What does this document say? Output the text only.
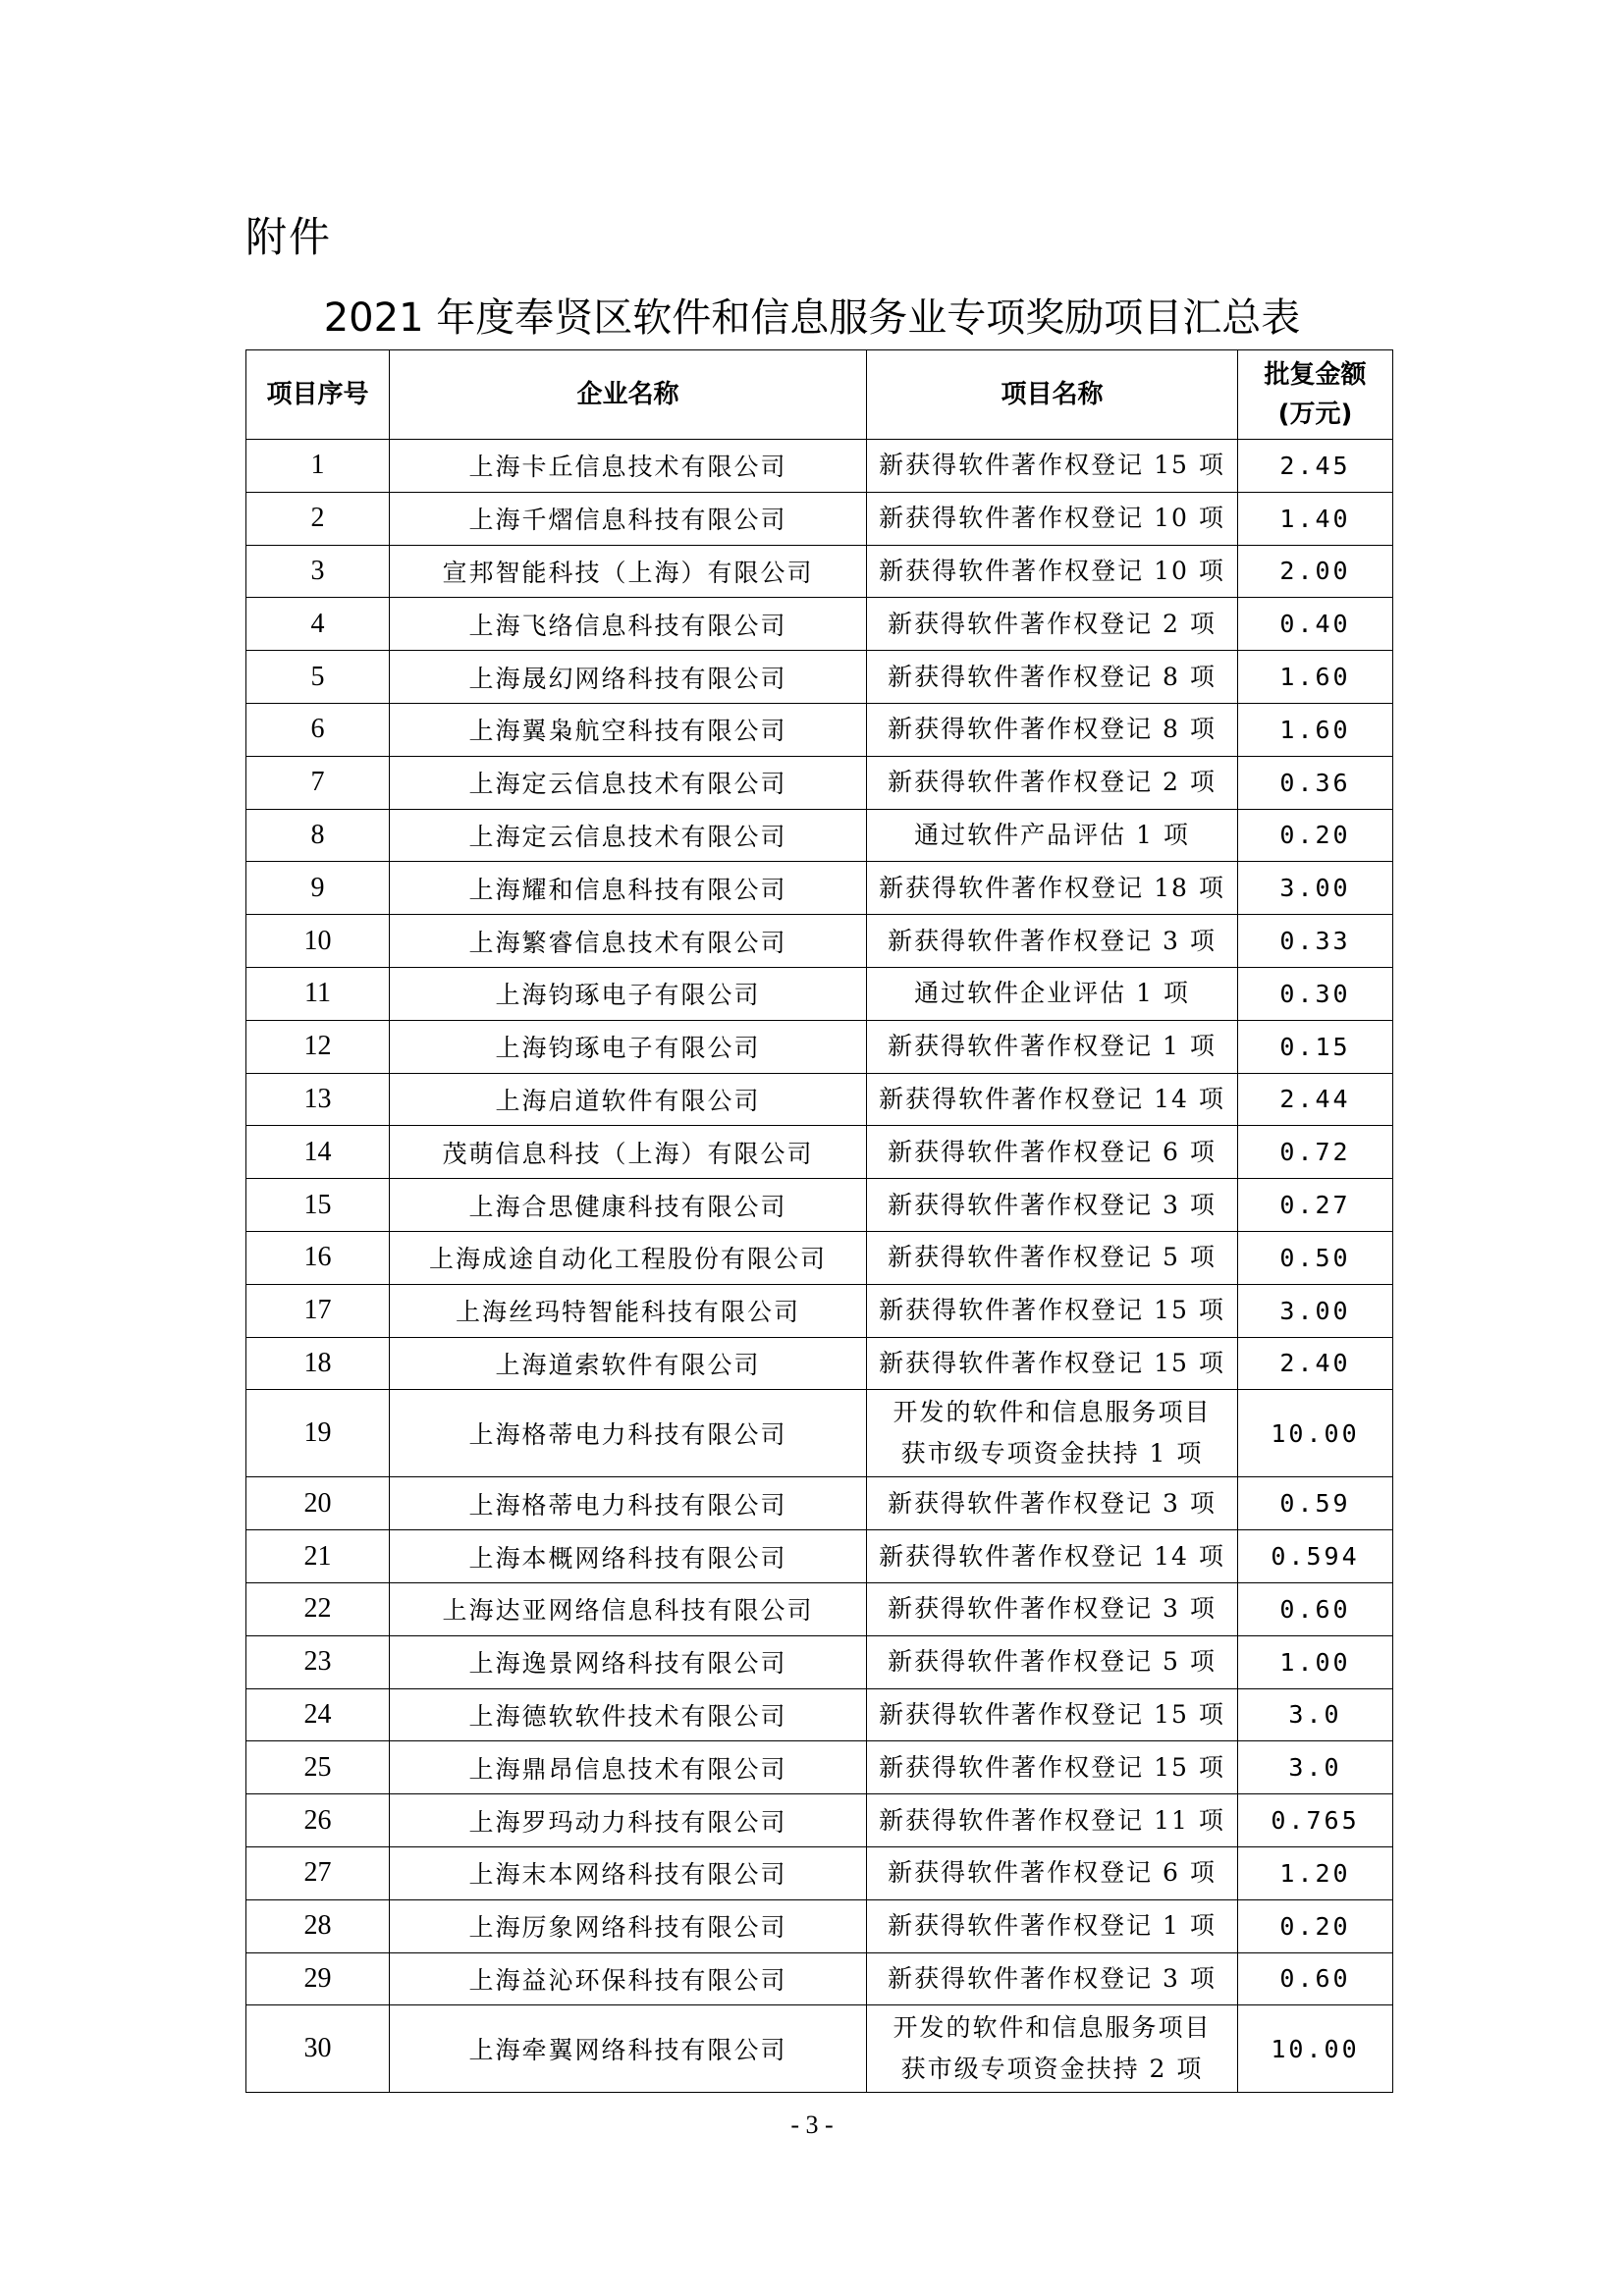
附件
2021 年度奉贤区软件和信息服务业专项奖励项目汇总表
项目序号	企业名称	项目名称	批复金额
(万元)

1	上海卡丘信息技术有限公司	新获得软件著作权登记 15 项	2.45
2	上海千熠信息科技有限公司	新获得软件著作权登记 10 项	1.40
3	宣邦智能科技（上海）有限公司	新获得软件著作权登记 10 项	2.00
4	上海飞络信息科技有限公司	新获得软件著作权登记 2 项	0.40
5	上海晟幻网络科技有限公司	新获得软件著作权登记 8 项	1.60
6	上海翼枭航空科技有限公司	新获得软件著作权登记 8 项	1.60
7	上海定云信息技术有限公司	新获得软件著作权登记 2 项	0.36
8	上海定云信息技术有限公司	通过软件产品评估 1 项	0.20
9	上海耀和信息科技有限公司	新获得软件著作权登记 18 项	3.00
10	上海繁睿信息技术有限公司	新获得软件著作权登记 3 项	0.33
11	上海钧琢电子有限公司	通过软件企业评估 1 项	0.30
12	上海钧琢电子有限公司	新获得软件著作权登记 1 项	0.15
13	上海启道软件有限公司	新获得软件著作权登记 14 项	2.44
14	茂萌信息科技（上海）有限公司	新获得软件著作权登记 6 项	0.72
15	上海合思健康科技有限公司	新获得软件著作权登记 3 项	0.27
16	上海成途自动化工程股份有限公司	新获得软件著作权登记 5 项	0.50
17	上海丝玛特智能科技有限公司	新获得软件著作权登记 15 项	3.00
18	上海道索软件有限公司	新获得软件著作权登记 15 项	2.40
19	上海格蒂电力科技有限公司	开发的软件和信息服务项目
获市级专项资金扶持 1 项	10.00
20	上海格蒂电力科技有限公司	新获得软件著作权登记 3 项	0.59
21	上海本概网络科技有限公司	新获得软件著作权登记 14 项	0.594
22	上海达亚网络信息科技有限公司	新获得软件著作权登记 3 项	0.60
23	上海逸景网络科技有限公司	新获得软件著作权登记 5 项	1.00
24	上海德软软件技术有限公司	新获得软件著作权登记 15 项	3.0
25	上海鼎昂信息技术有限公司	新获得软件著作权登记 15 项	3.0
26	上海罗玛动力科技有限公司	新获得软件著作权登记 11 项	0.765
27	上海末本网络科技有限公司	新获得软件著作权登记 6 项	1.20
28	上海厉象网络科技有限公司	新获得软件著作权登记 1 项	0.20
29	上海益沁环保科技有限公司	新获得软件著作权登记 3 项	0.60
30	上海牵翼网络科技有限公司	开发的软件和信息服务项目
获市级专项资金扶持 2 项	10.00
- 3 -
